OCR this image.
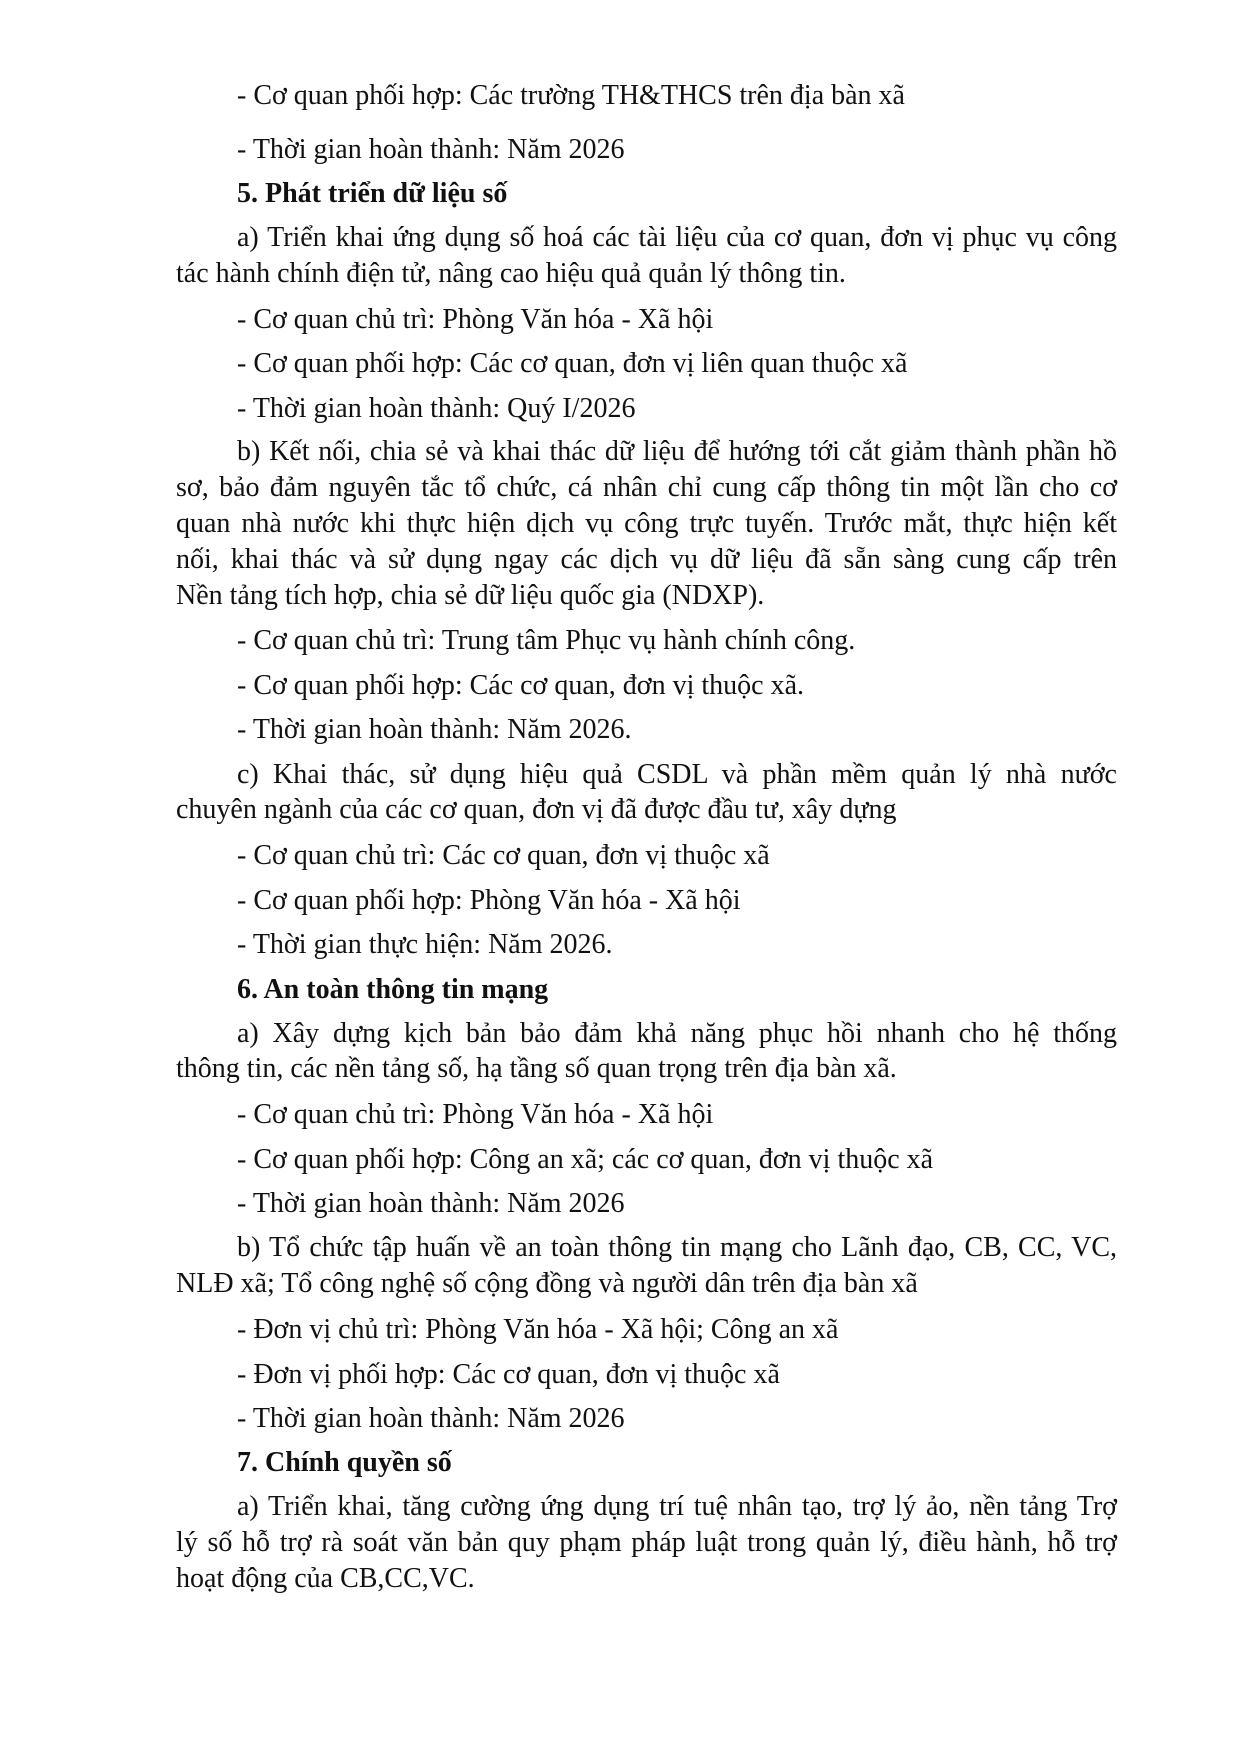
- Cơ quan phối hợp: Các trường TH&THCS trên địa bàn xã
- Thời gian hoàn thành: Năm 2026
5. Phát triển dữ liệu số
a) Triển khai ứng dụng số hoá các tài liệu của cơ quan, đơn vị phục vụ công
tác hành chính điện tử, nâng cao hiệu quả quản lý thông tin.
- Cơ quan chủ trì: Phòng Văn hóa - Xã hội
- Cơ quan phối hợp: Các cơ quan, đơn vị liên quan thuộc xã
- Thời gian hoàn thành: Quý I/2026
b) Kết nối, chia sẻ và khai thác dữ liệu để hướng tới cắt giảm thành phần hồ
sơ, bảo đảm nguyên tắc tổ chức, cá nhân chỉ cung cấp thông tin một lần cho cơ
quan nhà nước khi thực hiện dịch vụ công trực tuyến. Trước mắt, thực hiện kết
nối, khai thác và sử dụng ngay các dịch vụ dữ liệu đã sẵn sàng cung cấp trên
Nền tảng tích hợp, chia sẻ dữ liệu quốc gia (NDXP).
- Cơ quan chủ trì: Trung tâm Phục vụ hành chính công.
- Cơ quan phối hợp: Các cơ quan, đơn vị thuộc xã.
- Thời gian hoàn thành: Năm 2026.
c) Khai thác, sử dụng hiệu quả CSDL và phần mềm quản lý nhà nước
chuyên ngành của các cơ quan, đơn vị đã được đầu tư, xây dựng
- Cơ quan chủ trì: Các cơ quan, đơn vị thuộc xã
- Cơ quan phối hợp: Phòng Văn hóa - Xã hội
- Thời gian thực hiện: Năm 2026.
6. An toàn thông tin mạng
a) Xây dựng kịch bản bảo đảm khả năng phục hồi nhanh cho hệ thống
thông tin, các nền tảng số, hạ tầng số quan trọng trên địa bàn xã.
- Cơ quan chủ trì: Phòng Văn hóa - Xã hội
- Cơ quan phối hợp: Công an xã; các cơ quan, đơn vị thuộc xã
- Thời gian hoàn thành: Năm 2026
b) Tổ chức tập huấn về an toàn thông tin mạng cho Lãnh đạo, CB, CC, VC,
NLĐ xã; Tổ công nghệ số cộng đồng và người dân trên địa bàn xã
- Đơn vị chủ trì: Phòng Văn hóa - Xã hội; Công an xã
- Đơn vị phối hợp: Các cơ quan, đơn vị thuộc xã
- Thời gian hoàn thành: Năm 2026
7. Chính quyền số
a) Triển khai, tăng cường ứng dụng trí tuệ nhân tạo, trợ lý ảo, nền tảng Trợ
lý số hỗ trợ rà soát văn bản quy phạm pháp luật trong quản lý, điều hành, hỗ trợ
hoạt động của CB,CC,VC.
